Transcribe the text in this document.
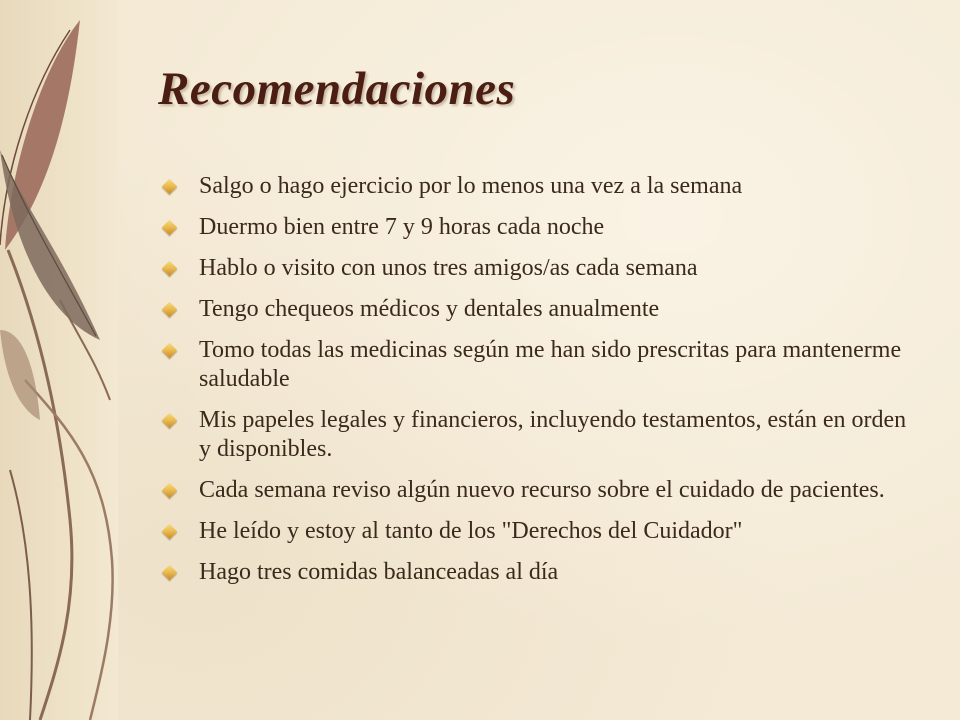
Recomendaciones
Salgo o hago ejercicio por lo menos una vez a la semana
Duermo bien entre 7 y 9 horas cada noche
Hablo o visito con unos tres amigos/as cada semana
Tengo chequeos médicos y dentales anualmente
Tomo todas las medicinas según me han sido prescritas para mantenerme saludable
Mis papeles legales y financieros, incluyendo testamentos, están en orden y disponibles.
Cada semana reviso algún nuevo recurso sobre el cuidado de pacientes.
He leído y estoy al tanto de los "Derechos del Cuidador"
Hago tres comidas balanceadas al día
